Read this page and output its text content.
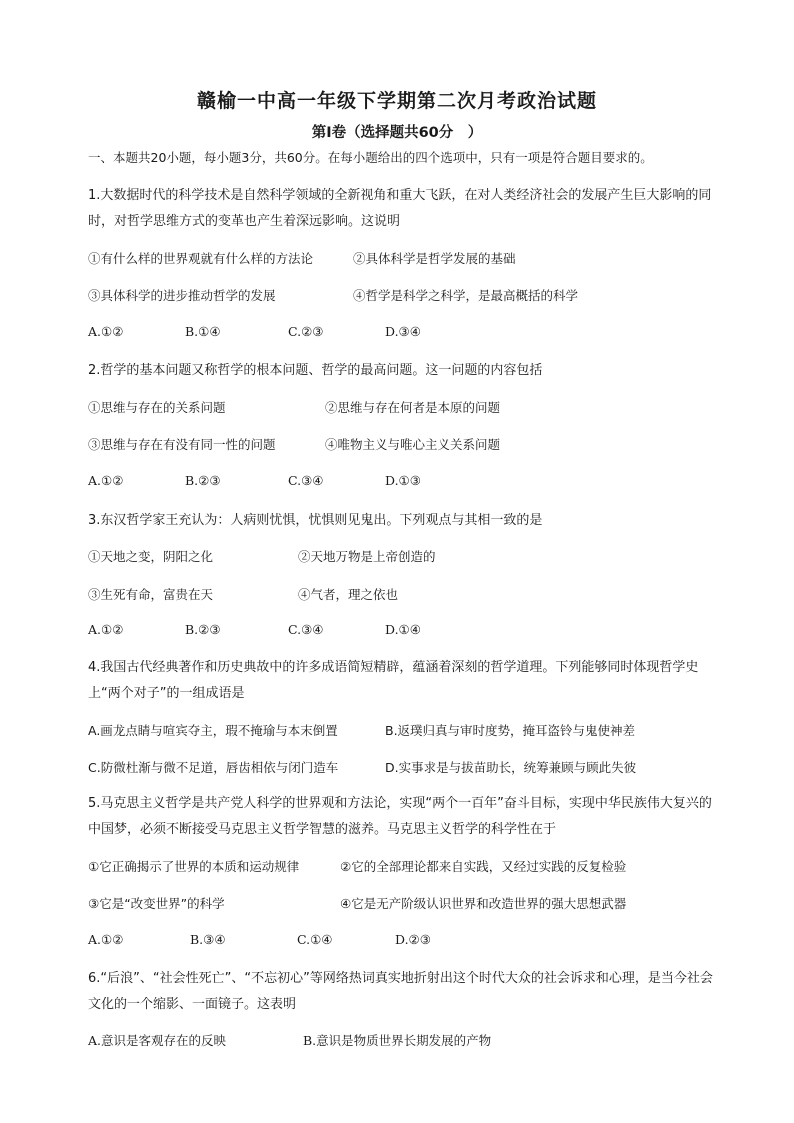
赣榆一中高一年级下学期第二次月考政治试题
第Ⅰ卷（选择题共60分　）
一、本题共20小题，每小题3分，共60分。在每小题给出的四个选项中，只有一项是符合题目要求的。
1.大数据时代的科学技术是自然科学领域的全新视角和重大飞跃，在对人类经济社会的发展产生巨大影响的同时，对哲学思维方式的变革也产生着深远影响。这说明
①有什么样的世界观就有什么样的方法论	②具体科学是哲学发展的基础
③具体科学的进步推动哲学的发展	④哲学是科学之科学，是最高概括的科学
A.①②	B.①④	C.②③	D.③④
2.哲学的基本问题又称哲学的根本问题、哲学的最高问题。这一问题的内容包括
①思维与存在的关系问题	②思维与存在何者是本原的问题
③思维与存在有没有同一性的问题	④唯物主义与唯心主义关系问题
A.①②	B.②③	C.③④	D.①③
3.东汉哲学家王充认为：人病则忧惧，忧惧则见鬼出。下列观点与其相一致的是
①天地之变，阴阳之化	②天地万物是上帝创造的
③生死有命，富贵在天	④气者，理之依也
A.①②	B.②③	C.③④	D.①④
4.我国古代经典著作和历史典故中的许多成语简短精辟，蕴涵着深刻的哲学道理。下列能够同时体现哲学史上“两个对子”的一组成语是
A.画龙点睛与喧宾夺主，瑕不掩瑜与本末倒置	B.返璞归真与审时度势，掩耳盗铃与鬼使神差
C.防微杜渐与微不足道，唇齿相依与闭门造车	D.实事求是与拔苗助长，统筹兼顾与顾此失彼
5.马克思主义哲学是共产党人科学的世界观和方法论，实现“两个一百年”奋斗目标，实现中华民族伟大复兴的中国梦，必须不断接受马克思主义哲学智慧的滋养。马克思主义哲学的科学性在于
①它正确揭示了世界的本质和运动规律	②它的全部理论都来自实践，又经过实践的反复检验
③它是“改变世界”的科学	④它是无产阶级认识世界和改造世界的强大思想武器
A.①②	B.③④	C.①④	D.②③
6.“后浪”、“社会性死亡”、“不忘初心”等网络热词真实地折射出这个时代大众的社会诉求和心理，是当今社会文化的一个缩影、一面镜子。这表明
A.意识是客观存在的反映	B.意识是物质世界长期发展的产物
